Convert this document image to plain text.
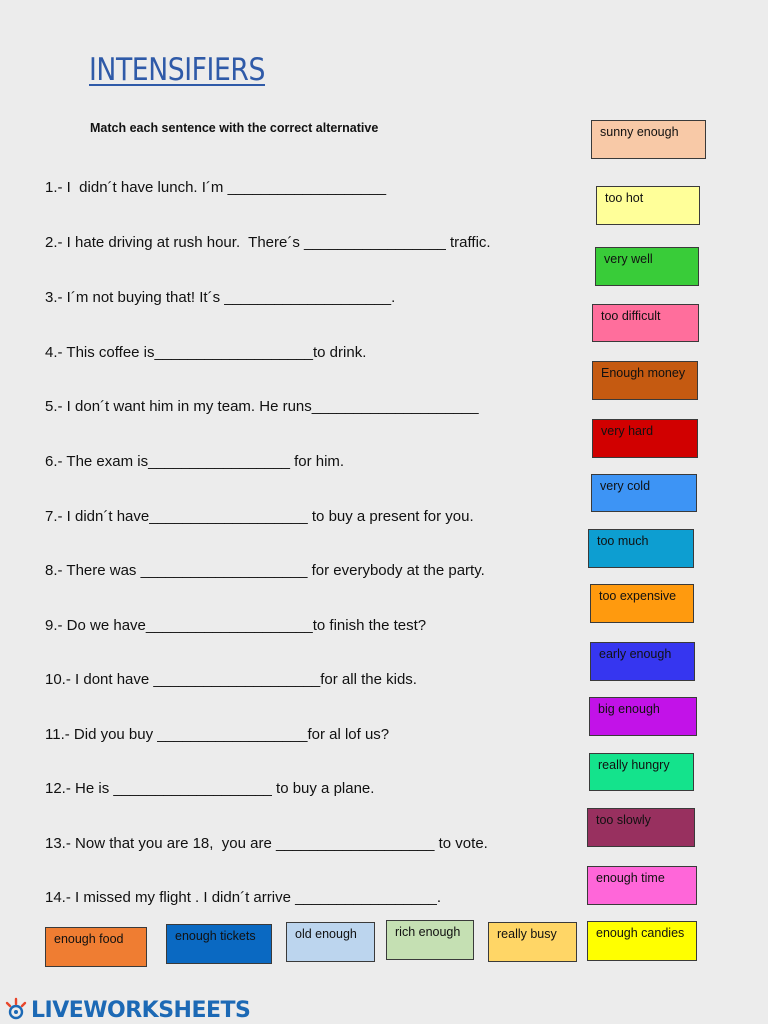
INTENSIFIERS
Match each sentence with the correct alternative
1.- I  didn´t have lunch. I´m ___________________
2.- I hate driving at rush hour.  There´s _________________ traffic.
3.- I´m not buying that! It´s ____________________.
4.- This coffee is___________________to drink.
5.- I don´t want him in my team. He runs____________________
6.- The exam is_________________ for him.
7.- I didn´t have___________________ to buy a present for you.
8.- There was ____________________ for everybody at the party.
9.- Do we have____________________to finish the test?
10.- I dont have ____________________for all the kids.
11.- Did you buy __________________for al lof us?
12.- He is ___________________ to buy a plane.
13.- Now that you are 18,  you are ___________________ to vote.
14.- I missed my flight . I didn´t arrive _________________.
sunny enough
too hot
very well
too difficult
Enough money
very hard
very cold
too much
too expensive
early enough
big enough
really hungry
too slowly
enough time
enough food	enough tickets	old enough	rich enough	really busy	enough candies
LIVEWORKSHEETS
